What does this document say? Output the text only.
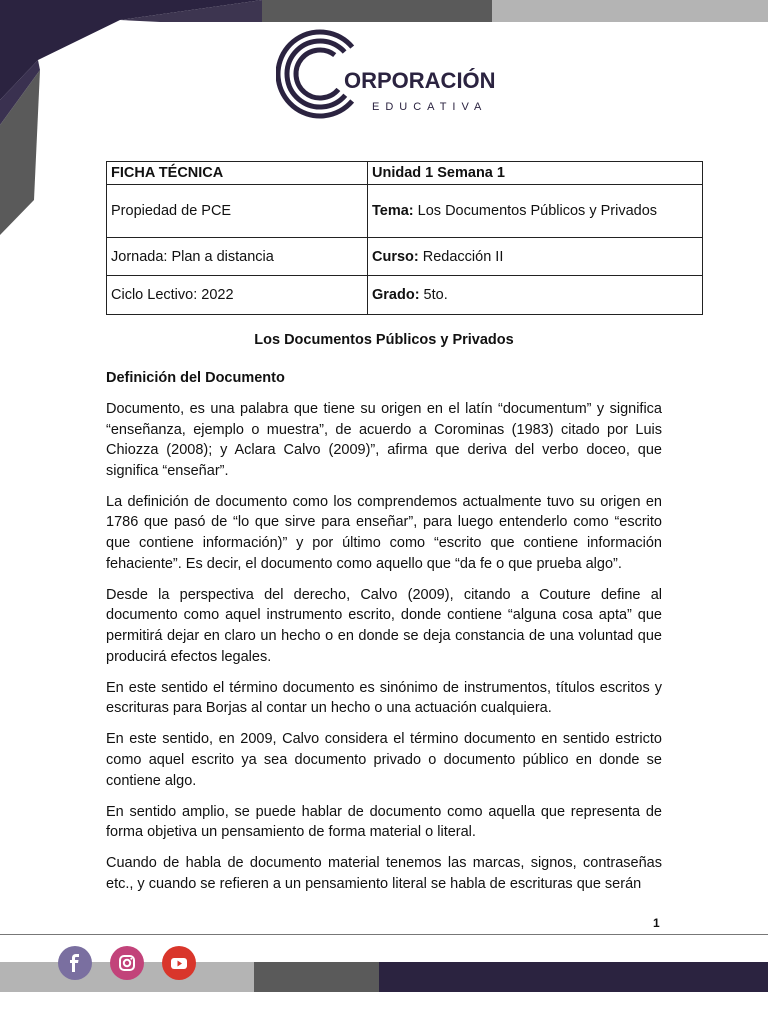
ORPORACIÓN
EDUCATIVA
FICHA TÉCNICA	Unidad 1 Semana 1
Propiedad de PCE	Tema: Los Documentos Públicos y Privados
Jornada: Plan a distancia	Curso: Redacción II
Ciclo Lectivo: 2022	Grado: 5to.
Los Documentos Públicos y Privados
Definición del Documento

Documento, es una palabra que tiene su origen en el latín “documentum” y significa “enseñanza, ejemplo o muestra”, de acuerdo a Corominas (1983) citado por Luis Chiozza (2008); y Aclara Calvo (2009)”, afirma que deriva del verbo doceo, que significa “enseñar”.

La definición de documento como los comprendemos actualmente tuvo su origen en 1786 que pasó de “lo que sirve para enseñar”, para luego entenderlo como “escrito que contiene información)” y por último como “escrito que contiene información fehaciente”. Es decir, el documento como aquello que “da fe o que prueba algo”.

Desde la perspectiva del derecho, Calvo (2009), citando a Couture define al documento como aquel instrumento escrito, donde contiene “alguna cosa apta” que permitirá dejar en claro un hecho o en donde se deja constancia de una voluntad que producirá efectos legales.

En este sentido el término documento es sinónimo de instrumentos, títulos escritos y escrituras para Borjas al contar un hecho o una actuación cualquiera.

En este sentido, en 2009, Calvo considera el término documento en sentido estricto como aquel escrito ya sea documento privado o documento público en donde se contiene algo.

En sentido amplio, se puede hablar de documento como aquella que representa de forma objetiva un pensamiento de forma material o literal.

Cuando de habla de documento material tenemos las marcas, signos, contraseñas etc., y cuando se refieren a un pensamiento literal se habla de escrituras que serán

1
